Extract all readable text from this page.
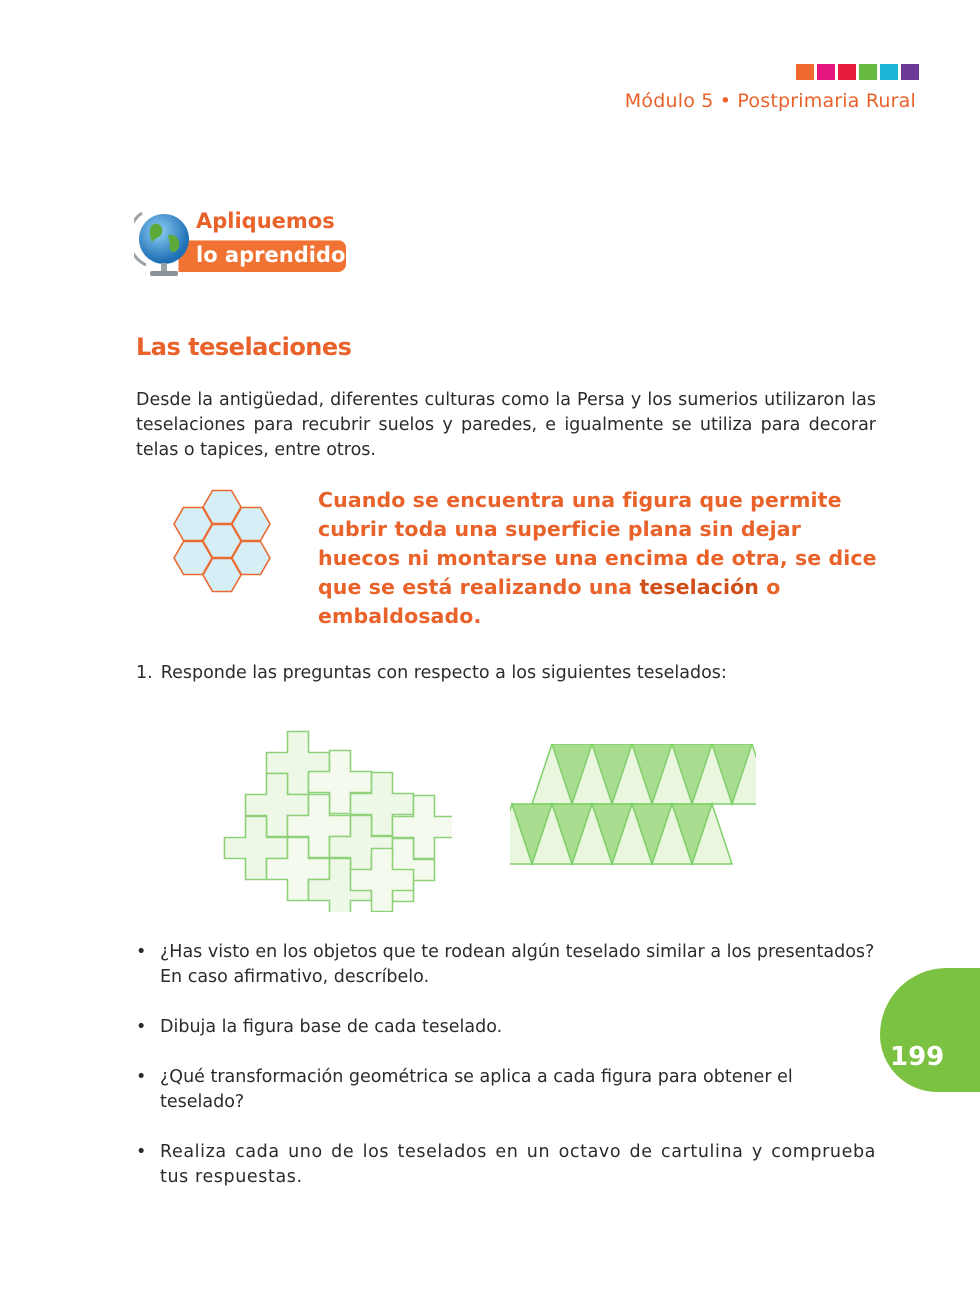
Módulo 5 • Postprimaria Rural
Apliquemos
lo aprendido
Las teselaciones

Desde la antigüedad, diferentes culturas como la Persa y los sumerios utilizaron las teselaciones para recubrir suelos y paredes, e igualmente se utiliza para decorar telas o tapices, entre otros.

Cuando se encuentra una figura que permite cubrir toda una superficie plana sin dejar huecos ni montarse una encima de otra, se dice que se está realizando una teselación o embaldosado.
1. Responde las preguntas con respecto a los siguientes teselados:
• ¿Has visto en los objetos que te rodean algún teselado similar a los presentados? En caso afirmativo, descríbelo.
• Dibuja la figura base de cada teselado.
• ¿Qué transformación geométrica se aplica a cada figura para obtener el teselado?
• Realiza cada uno de los teselados en un octavo de cartulina y comprueba tus respuestas.
199
